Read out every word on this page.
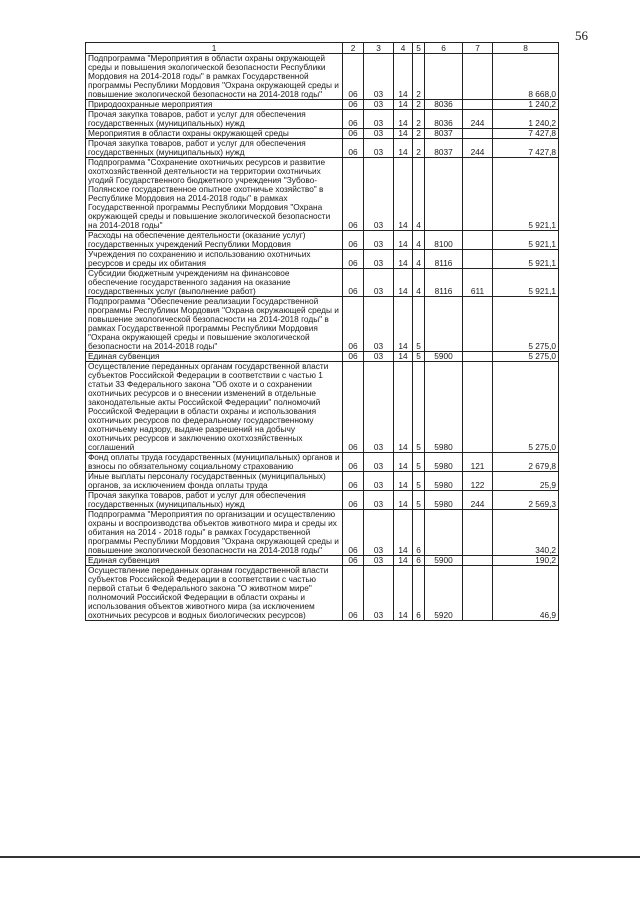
56
1	2	3	4	5	6	7	8
Подпрограмма "Мероприятия в области охраны окружающей среды и повышения экологической безопасности Республики Мордовия на 2014-2018 годы" в рамках Государственной программы Республики Мордовия "Охрана окружающей среды и повышение экологической безопасности на 2014-2018 годы"	06	03	14	2			8 668,0
Природоохранные мероприятия	06	03	14	2	8036		1 240,2
Прочая закупка товаров, работ и услуг для обеспечения государственных (муниципальных) нужд	06	03	14	2	8036	244	1 240,2
Мероприятия в области охраны окружающей среды	06	03	14	2	8037		7 427,8
Прочая закупка товаров, работ и услуг для обеспечения государственных (муниципальных) нужд	06	03	14	2	8037	244	7 427,8
Подпрограмма "Сохранение охотничьих ресурсов и развитие охотхозяйственной деятельности на территории охотничьих угодий Государственного бюджетного учреждения "Зубово-Полянское государственное опытное охотничье хозяйство" в Республике Мордовия на 2014-2018 годы" в рамках Государственной программы Республики Мордовия "Охрана окружающей среды и повышение экологической безопасности на 2014-2018 годы"	06	03	14	4			5 921,1
Расходы на обеспечение деятельности (оказание услуг) государственных учреждений Республики Мордовия	06	03	14	4	8100		5 921,1
Учреждения по сохранению и использованию охотничьих ресурсов и среды их обитания	06	03	14	4	8116		5 921,1
Субсидии бюджетным учреждениям на финансовое обеспечение государственного задания на оказание государственных услуг (выполнение работ)	06	03	14	4	8116	611	5 921,1
Подпрограмма "Обеспечение реализации Государственной программы Республики Мордовия "Охрана окружающей среды и повышение экологической безопасности на 2014-2018 годы" в рамках Государственной программы Республики Мордовия "Охрана окружающей среды и повышение экологической безопасности на 2014-2018 годы"	06	03	14	5			5 275,0
Единая субвенция	06	03	14	5	5900		5 275,0
Осуществление переданных органам государственной власти субъектов Российской Федерации в соответствии с частью 1 статьи 33 Федерального закона "Об охоте и о сохранении охотничьих ресурсов и о внесении изменений в отдельные законодательные акты Российской Федерации" полномочий Российской Федерации в области охраны и использования охотничьих ресурсов по федеральному государственному охотничьему надзору, выдаче разрешений на добычу охотничьих ресурсов и заключению охотхозяйственных соглашений	06	03	14	5	5980		5 275,0
Фонд оплаты труда государственных (муниципальных) органов и взносы по обязательному социальному страхованию	06	03	14	5	5980	121	2 679,8
Иные выплаты персоналу государственных (муниципальных) органов, за исключением фонда оплаты труда	06	03	14	5	5980	122	25,9
Прочая закупка товаров, работ и услуг для обеспечения государственных (муниципальных) нужд	06	03	14	5	5980	244	2 569,3
Подпрограмма "Мероприятия по организации и осуществлению охраны и воспроизводства объектов животного мира и среды их обитания на 2014 - 2018 годы" в рамках Государственной программы Республики Мордовия "Охрана окружающей среды и повышение экологической безопасности на 2014-2018 годы"	06	03	14	6			340,2
Единая субвенция	06	03	14	6	5900		190,2
Осуществление переданных органам государственной власти субъектов Российской Федерации в соответствии с частью первой статьи 6 Федерального закона "О животном мире" полномочий Российской Федерации в области охраны и использования объектов животного мира (за исключением охотничьих ресурсов и водных биологических ресурсов)	06	03	14	6	5920		46,9
